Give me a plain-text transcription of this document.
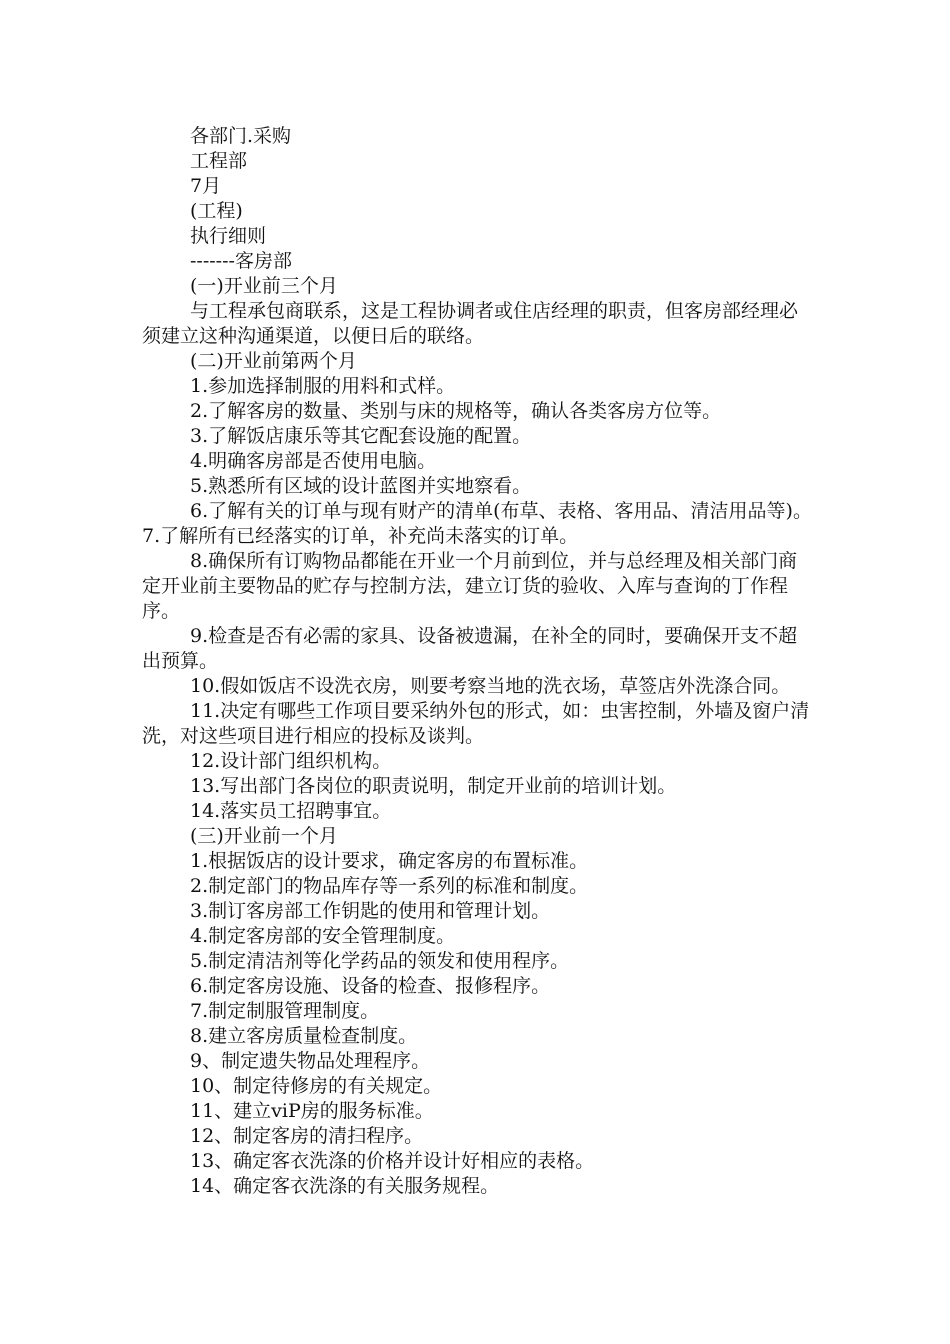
各部门.采购
工程部
7月
(工程)
执行细则
-------客房部
(一)开业前三个月
与工程承包商联系，这是工程协调者或住店经理的职责，但客房部经理必须建立这种沟通渠道，以便日后的联络。
(二)开业前第两个月
1.参加选择制服的用料和式样。
2.了解客房的数量、类别与床的规格等，确认各类客房方位等。
3.了解饭店康乐等其它配套设施的配置。
4.明确客房部是否使用电脑。
5.熟悉所有区域的设计蓝图并实地察看。
6.了解有关的订单与现有财产的清单(布草、表格、客用品、清洁用品等)。7.了解所有已经落实的订单，补充尚未落实的订单。
8.确保所有订购物品都能在开业一个月前到位，并与总经理及相关部门商定开业前主要物品的贮存与控制方法，建立订货的验收、入库与查询的丁作程序。
9.检查是否有必需的家具、设备被遗漏，在补全的同时，要确保开支不超出预算。
10.假如饭店不设洗衣房，则要考察当地的洗衣场，草签店外洗涤合同。
11.决定有哪些工作项目要采纳外包的形式，如：虫害控制，外墙及窗户清洗，对这些项目进行相应的投标及谈判。
12.设计部门组织机构。
13.写出部门各岗位的职责说明，制定开业前的培训计划。
14.落实员工招聘事宜。
(三)开业前一个月
1.根据饭店的设计要求，确定客房的布置标准。
2.制定部门的物品库存等一系列的标准和制度。
3.制订客房部工作钥匙的使用和管理计划。
4.制定客房部的安全管理制度。
5.制定清洁剂等化学药品的领发和使用程序。
6.制定客房设施、设备的检查、报修程序。
7.制定制服管理制度。
8.建立客房质量检查制度。
9、制定遗失物品处理程序。
10、制定待修房的有关规定。
11、建立viP房的服务标准。
12、制定客房的清扫程序。
13、确定客衣洗涤的价格并设计好相应的表格。
14、确定客衣洗涤的有关服务规程。
